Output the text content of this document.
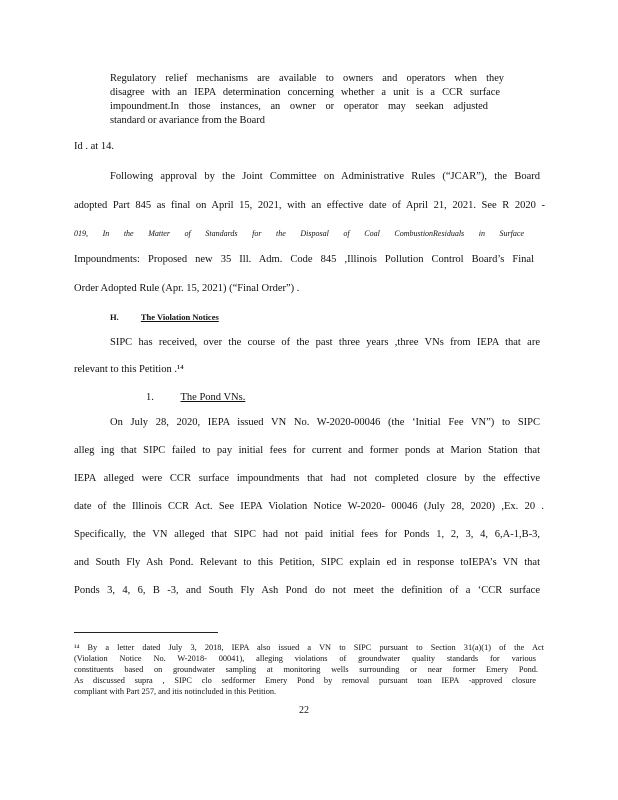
Regulatory relief mechanisms are available to owners and operators when they
disagree with an IEPA determination concerning whether a unit is a CCR surface
impoundment.In those instances, an owner or operator may seekan adjusted
standard or avariance from the Board
Id . at 14.
Following approval by the Joint Committee on Administrative Rules (“JCAR”), the Board
adopted Part 845 as final on April 15, 2021, with an effective date of April 21, 2021. See R 2020 -
019, In the Matter of Standards for the Disposal of Coal CombustionResiduals in Surface
Impoundments: Proposed new 35 Ill. Adm. Code 845 ,Illinois Pollution Control Board’s Final
Order Adopted Rule (Apr. 15, 2021) (“Final Order”) .
H.	The Violation Notices
SIPC has received, over the course of the past three years ,three VNs from IEPA that are
relevant to this Petition .¹⁴
1.	The Pond VNs.
On July 28, 2020, IEPA issued VN No. W-2020-00046 (the ‘Initial Fee VN”) to SIPC
alleg ing that SIPC failed to pay initial fees for current and former ponds at Marion Station that
IEPA alleged were CCR surface impoundments that had not completed closure by the effective
date of the Illinois CCR Act. See IEPA Violation Notice W-2020- 00046 (July 28, 2020) ,Ex. 20 .
Specifically, the VN alleged that SIPC had not paid initial fees for Ponds 1, 2, 3, 4, 6,A-1,B-3,
and South Fly Ash Pond. Relevant to this Petition, SIPC explain ed in response toIEPA’s VN that
Ponds 3, 4, 6, B -3, and South Fly Ash Pond do not meet the definition of a ‘CCR surface
¹⁴ By a letter dated July 3, 2018, IEPA also issued a VN to SIPC pursuant to Section 31(a)(1) of the Act
(Violation Notice No. W-2018- 00041), alleging violations of groundwater quality standards for various
constituents based on groundwater sampling at monitoring wells surrounding or near former Emery Pond.
As discussed supra , SIPC clo sedformer Emery Pond by removal pursuant toan IEPA -approved closure
compliant with Part 257, and itis notincluded in this Petition.
22
